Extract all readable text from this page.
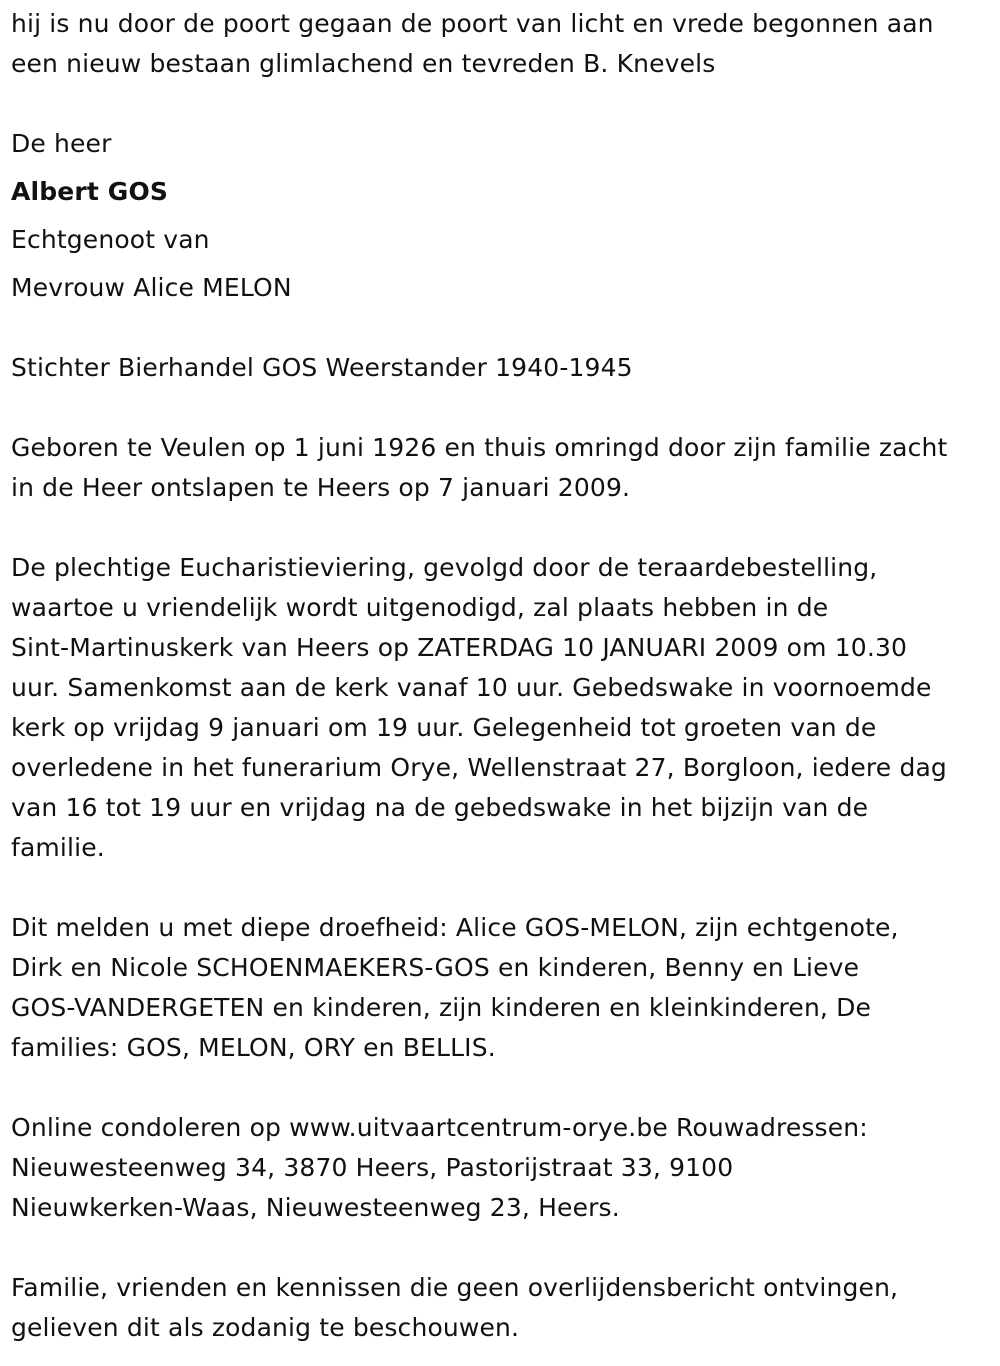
hij is nu door de poort gegaan de poort van licht en vrede begonnen aan
een nieuw bestaan glimlachend en tevreden B. Knevels

De heer

Albert GOS

Echtgenoot van

Mevrouw Alice MELON

Stichter Bierhandel GOS Weerstander 1940-1945

Geboren te Veulen op 1 juni 1926 en thuis omringd door zijn familie zacht
in de Heer ontslapen te Heers op 7 januari 2009.

De plechtige Eucharistieviering, gevolgd door de teraardebestelling,
waartoe u vriendelijk wordt uitgenodigd, zal plaats hebben in de
Sint-Martinuskerk van Heers op ZATERDAG 10 JANUARI 2009 om 10.30
uur. Samenkomst aan de kerk vanaf 10 uur. Gebedswake in voornoemde
kerk op vrijdag 9 januari om 19 uur. Gelegenheid tot groeten van de
overledene in het funerarium Orye, Wellenstraat 27, Borgloon, iedere dag
van 16 tot 19 uur en vrijdag na de gebedswake in het bijzijn van de
familie.

Dit melden u met diepe droefheid: Alice GOS-MELON, zijn echtgenote,
Dirk en Nicole SCHOENMAEKERS-GOS en kinderen, Benny en Lieve
GOS-VANDERGETEN en kinderen, zijn kinderen en kleinkinderen, De
families: GOS, MELON, ORY en BELLIS.

Online condoleren op www.uitvaartcentrum-orye.be Rouwadressen:
Nieuwesteenweg 34, 3870 Heers, Pastorijstraat 33, 9100
Nieuwkerken-Waas, Nieuwesteenweg 23, Heers.

Familie, vrienden en kennissen die geen overlijdensbericht ontvingen,
gelieven dit als zodanig te beschouwen.
